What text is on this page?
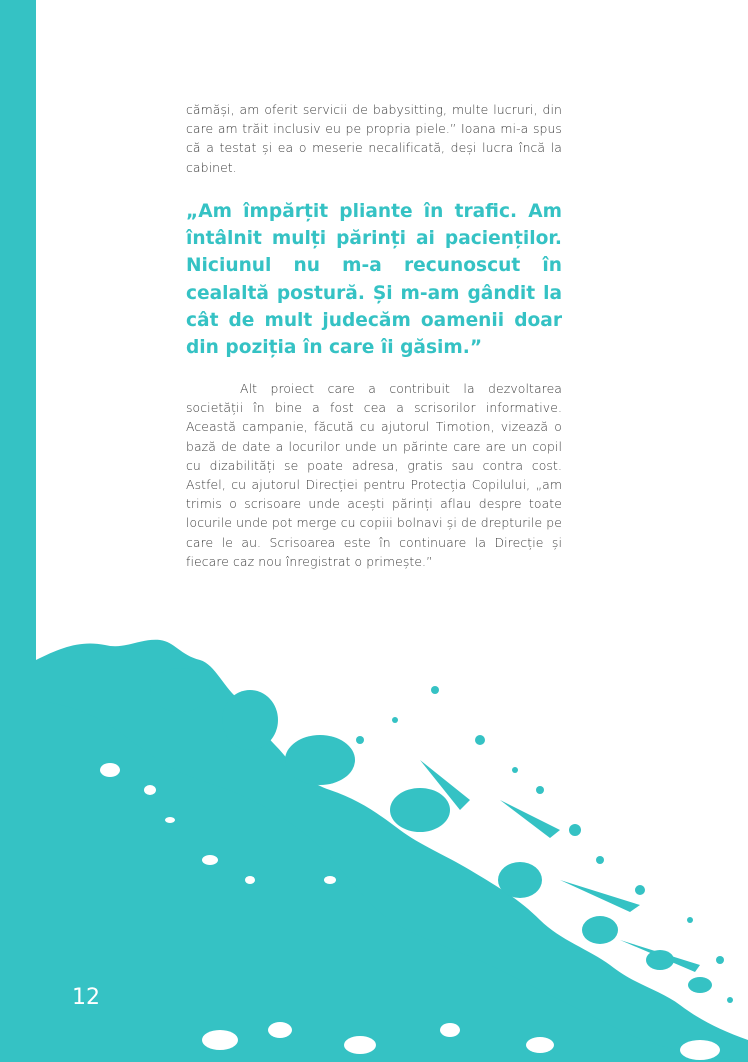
cămăși, am oferit servicii de babysitting, multe lucruri, din care am trăit inclusiv eu pe propria piele.” Ioana mi-a spus că a testat și ea o meserie necalificată, deși lucra încă la cabinet.
„Am împărțit pliante în trafic. Am întâlnit mulți părinți ai pacienților. Niciunul nu m-a recunoscut în cealaltă postură. Și m-am gândit la cât de mult judecăm oamenii doar din poziția în care îi găsim.”
Alt proiect care a contribuit la dezvoltarea societății în bine a fost cea a scrisorilor informative. Această campanie, făcută cu ajutorul Timotion, vizează o bază de date a locurilor unde un părinte care are un copil cu dizabilități se poate adresa, gratis sau contra cost. Astfel, cu ajutorul Direcției pentru Protecția Copilului, „am trimis o scrisoare unde acești părinți aflau despre toate locurile unde pot merge cu copiii bolnavi și de drepturile pe care le au. Scrisoarea este în continuare la Direcție și fiecare caz nou înregistrat o primește.”
12
